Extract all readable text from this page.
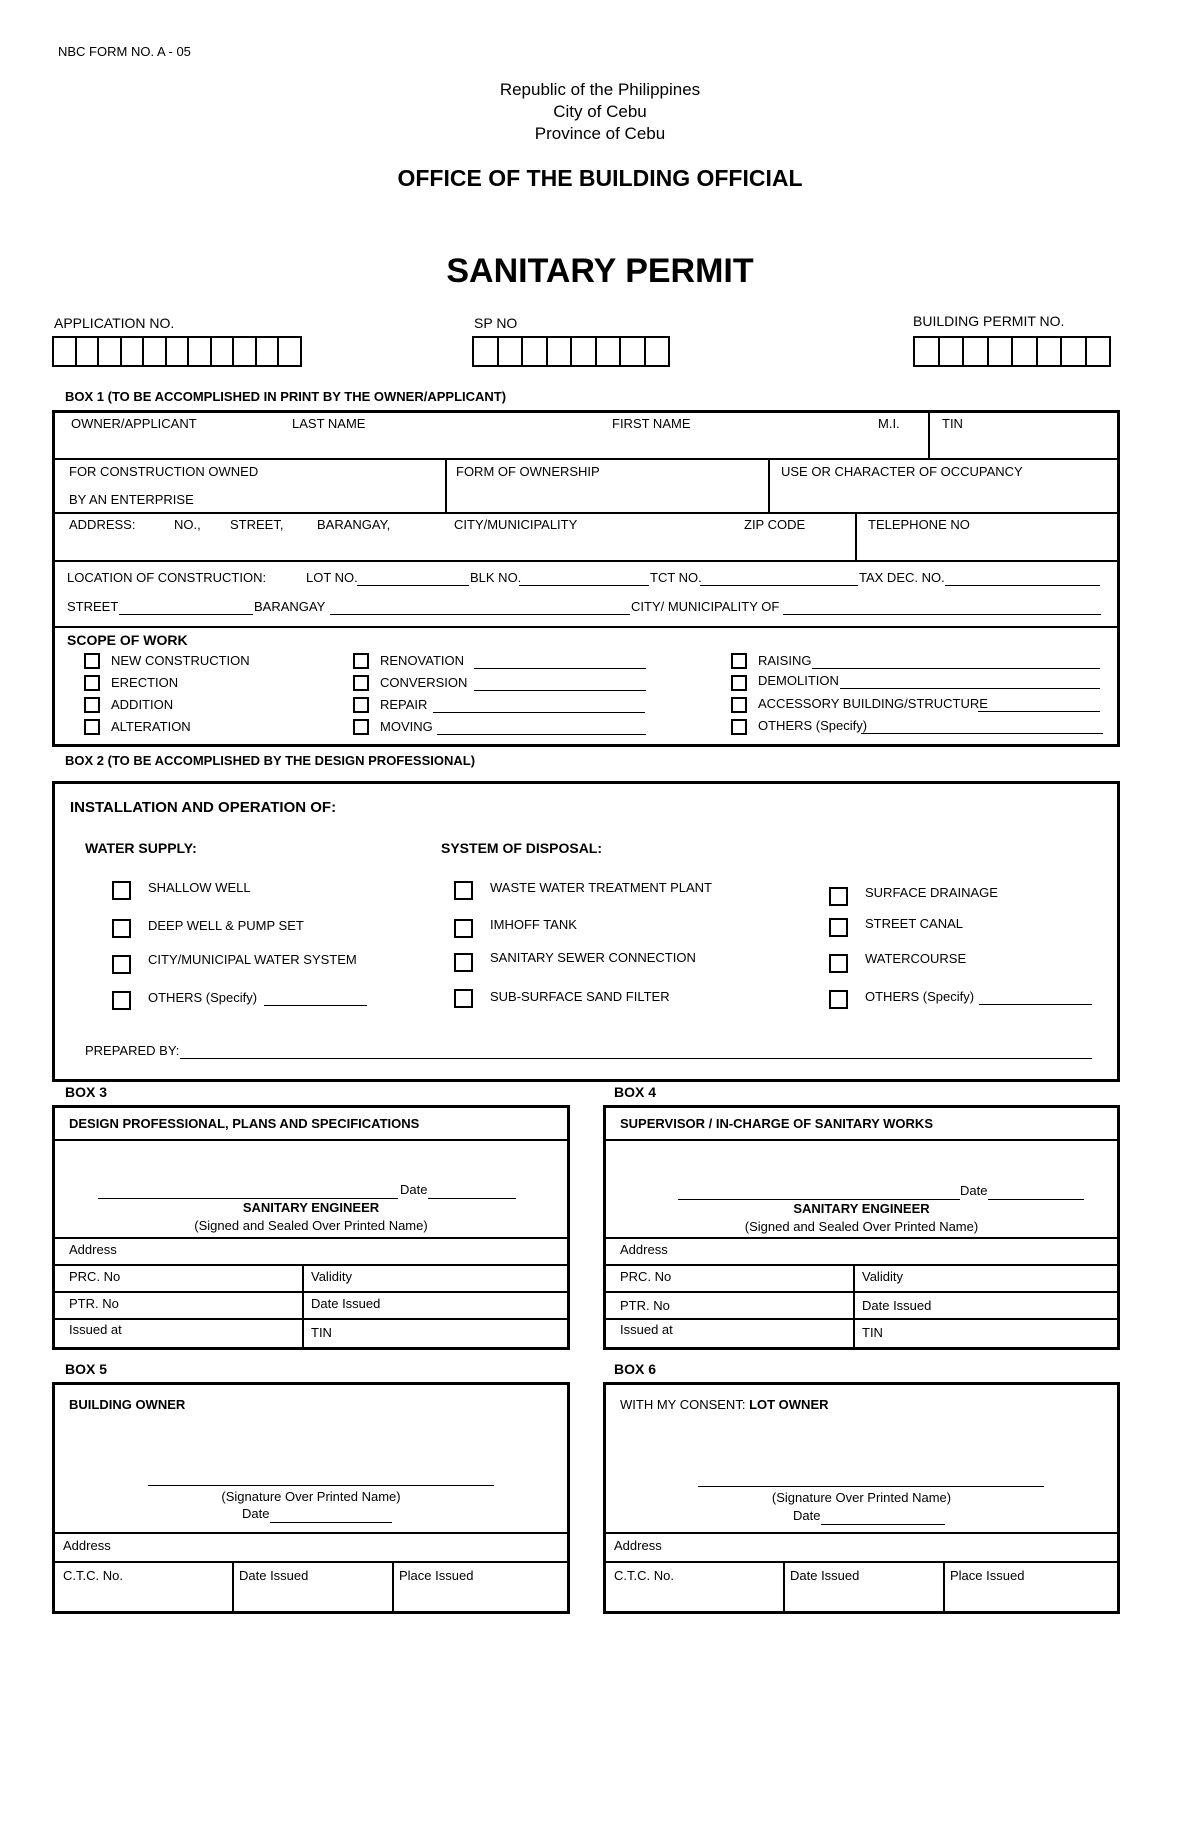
NBC FORM NO. A - 05
Republic of the Philippines
City of Cebu
Province of Cebu
OFFICE OF THE BUILDING OFFICIAL
SANITARY PERMIT
APPLICATION NO.	SP NO	BUILDING PERMIT NO.
BOX 1 (TO BE ACCOMPLISHED IN PRINT BY THE OWNER/APPLICANT)
OWNER/APPLICANT	LAST NAME	FIRST NAME	M.I.	TIN
FOR CONSTRUCTION OWNED
BY AN ENTERPRISE
FORM OF OWNERSHIP	USE OR CHARACTER OF OCCUPANCY
ADDRESS:	NO., STREET,	BARANGAY,	CITY/MUNICIPALITY	ZIP CODE	TELEPHONE NO
LOCATION OF CONSTRUCTION:	LOT NO.	BLK NO.	TCT NO.	TAX DEC. NO.
STREET	BARANGAY	CITY/ MUNICIPALITY OF
SCOPE OF WORK
NEW CONSTRUCTION
ERECTION
ADDITION
ALTERATION
RENOVATION
CONVERSION
REPAIR
MOVING
RAISING
DEMOLITION
ACCESSORY BUILDING/STRUCTURE
OTHERS (Specify)
BOX 2 (TO BE ACCOMPLISHED BY THE DESIGN PROFESSIONAL)
INSTALLATION AND OPERATION OF:
WATER SUPPLY:	SYSTEM OF DISPOSAL:
SHALLOW WELL
DEEP WELL & PUMP SET
CITY/MUNICIPAL WATER SYSTEM
OTHERS (Specify)
WASTE WATER TREATMENT PLANT
IMHOFF TANK
SANITARY SEWER CONNECTION
SUB-SURFACE SAND FILTER
SURFACE DRAINAGE
STREET CANAL
WATERCOURSE
OTHERS (Specify)
PREPARED BY:
BOX 3
DESIGN PROFESSIONAL, PLANS AND SPECIFICATIONS
Date
SANITARY ENGINEER
(Signed and Sealed Over Printed Name)
Address
PRC. No	Validity
PTR. No	Date Issued
Issued at	TIN
BOX 4
SUPERVISOR / IN-CHARGE OF SANITARY WORKS
Date
SANITARY ENGINEER
(Signed and Sealed Over Printed Name)
Address
PRC. No	Validity
PTR. No	Date Issued
Issued at	TIN
BOX 5
BUILDING OWNER
(Signature Over Printed Name)
Date
Address
C.T.C. No.	Date Issued	Place Issued
BOX 6
WITH MY CONSENT: LOT OWNER
(Signature Over Printed Name)
Date
Address
C.T.C. No.	Date Issued	Place Issued
